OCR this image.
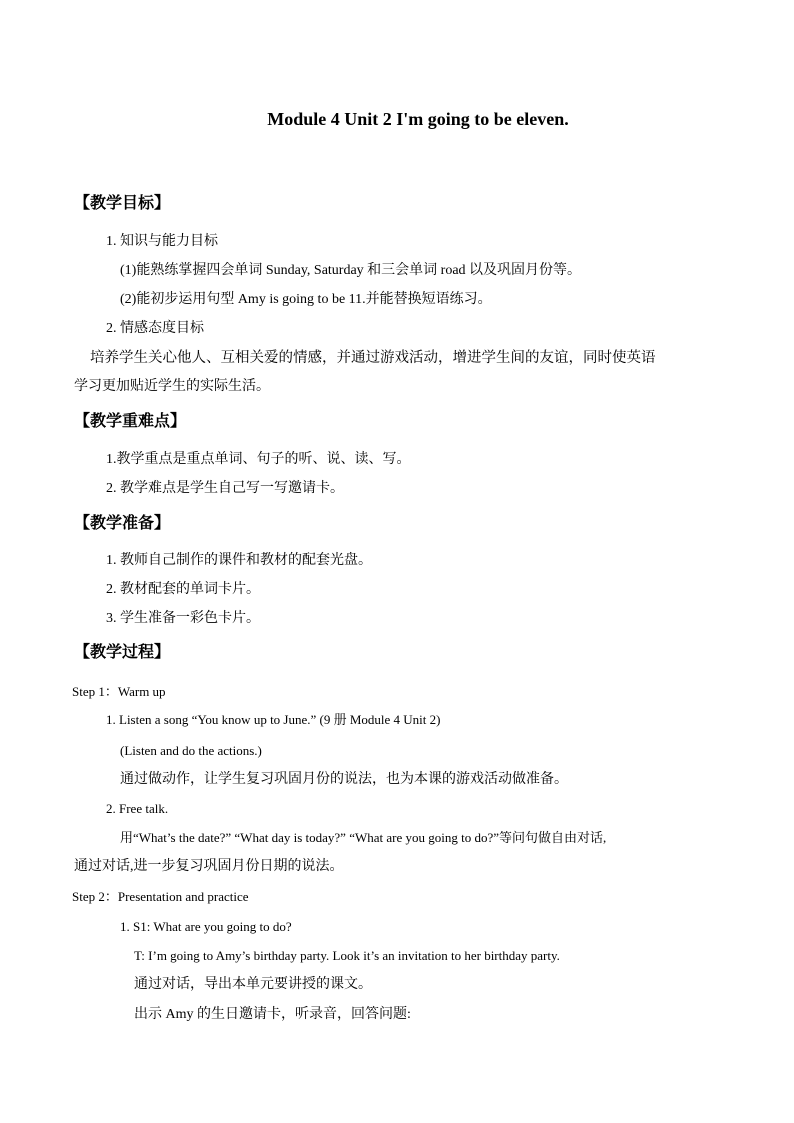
Module 4 Unit 2 I'm going to be eleven.
【教学目标】
1. 知识与能力目标
(1)能熟练掌握四会单词 Sunday, Saturday 和三会单词 road 以及巩固月份等。
(2)能初步运用句型 Amy is going to be 11.并能替换短语练习。
2. 情感态度目标
培养学生关心他人、互相关爱的情感，并通过游戏活动，增进学生间的友谊，同时使英语
学习更加贴近学生的实际生活。
【教学重难点】
1.教学重点是重点单词、句子的听、说、读、写。
2. 教学难点是学生自己写一写邀请卡。
【教学准备】
1. 教师自己制作的课件和教材的配套光盘。
2. 教材配套的单词卡片。
3. 学生准备一彩色卡片。
【教学过程】
Step 1：Warm up
1. Listen a song “You know up to June.” (9 册 Module 4 Unit 2)
(Listen and do the actions.)
通过做动作，让学生复习巩固月份的说法，也为本课的游戏活动做准备。
2. Free talk.
用“What’s the date?” “What day is today?” “What are you going to do?”等问句做自由对话,
通过对话,进一步复习巩固月份日期的说法。
Step 2：Presentation and practice
1. S1: What are you going to do?
T: I’m going to Amy’s birthday party. Look it’s an invitation to her birthday party.
通过对话，导出本单元要讲授的课文。
出示 Amy 的生日邀请卡，听录音，回答问题:
